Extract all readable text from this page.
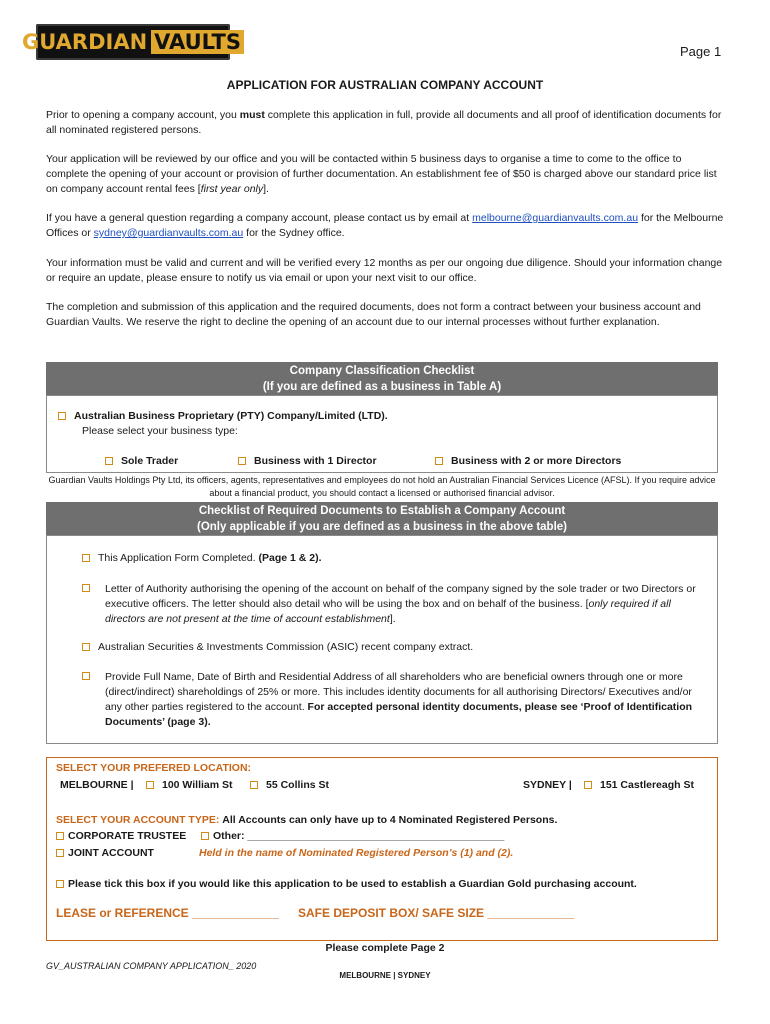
GUARDIAN VAULTS	Page 1
APPLICATION FOR AUSTRALIAN COMPANY ACCOUNT
Prior to opening a company account, you must complete this application in full, provide all documents and all proof of identification documents for all nominated registered persons.
Your application will be reviewed by our office and you will be contacted within 5 business days to organise a time to come to the office to complete the opening of your account or provision of further documentation. An establishment fee of $50 is charged above our standard price list on company account rental fees [first year only].
If you have a general question regarding a company account, please contact us by email at melbourne@guardianvaults.com.au for the Melbourne Offices or sydney@guardianvaults.com.au for the Sydney office.
Your information must be valid and current and will be verified every 12 months as per our ongoing due diligence. Should your information change or require an update, please ensure to notify us via email or upon your next visit to our office.
The completion and submission of this application and the required documents, does not form a contract between your business account and Guardian Vaults. We reserve the right to decline the opening of an account due to our internal processes without further explanation.
Company Classification Checklist
(If you are defined as a business in Table A)
Australian Business Proprietary (PTY) Company/Limited (LTD).
Please select your business type:
Sole Trader	Business with 1 Director	Business with 2 or more Directors
Guardian Vaults Holdings Pty Ltd, its officers, agents, representatives and employees do not hold an Australian Financial Services Licence (AFSL). If you require advice about a financial product, you should contact a licensed or authorised financial advisor.
Checklist of Required Documents to Establish a Company Account
(Only applicable if you are defined as a business in the above table)
This Application Form Completed. (Page 1 & 2).
Letter of Authority authorising the opening of the account on behalf of the company signed by the sole trader or two Directors or executive officers. The letter should also detail who will be using the box and on behalf of the business. [only required if all directors are not present at the time of account establishment].
Australian Securities & Investments Commission (ASIC) recent company extract.
Provide Full Name, Date of Birth and Residential Address of all shareholders who are beneficial owners through one or more (direct/indirect) shareholdings of 25% or more. This includes identity documents for all authorising Directors/ Executives and/or any other parties registered to the account. For accepted personal identity documents, please see ‘Proof of Identification Documents’ (page 3).
SELECT YOUR PREFERED LOCATION:
MELBOURNE |	100 William St	55 Collins St	SYDNEY |	151 Castlereagh St
SELECT YOUR ACCOUNT TYPE: All Accounts can only have up to 4 Nominated Registered Persons.
CORPORATE TRUSTEE	Other: ____________________________________________
JOINT ACCOUNT	Held in the name of Nominated Registered Person’s (1) and (2).
Please tick this box if you would like this application to be used to establish a Guardian Gold purchasing account.
LEASE or REFERENCE _____________ SAFE DEPOSIT BOX/ SAFE SIZE _____________
Please complete Page 2
GV_AUSTRALIAN COMPANY APPLICATION_ 2020
MELBOURNE | SYDNEY
